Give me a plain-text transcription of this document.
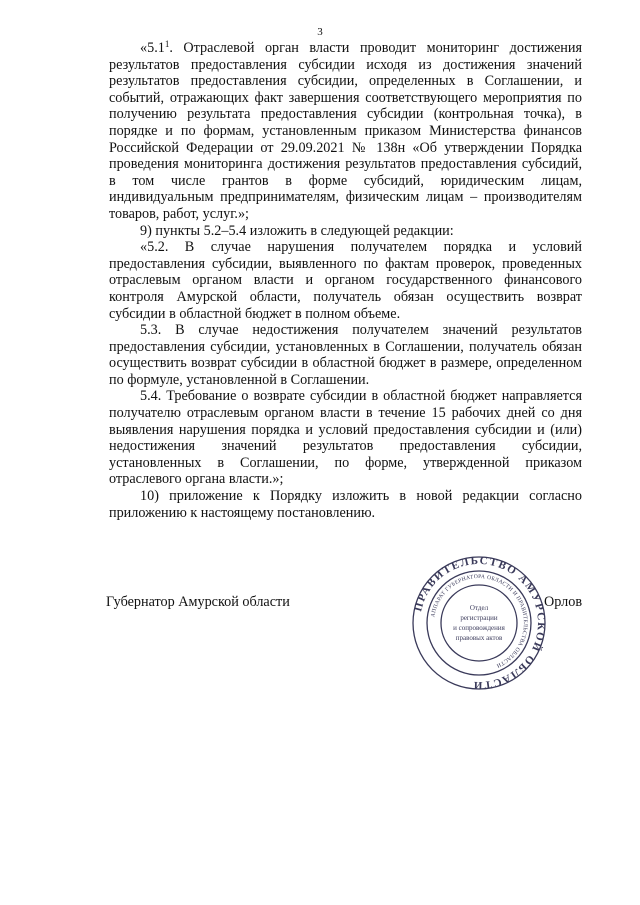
3

«$5.1^1$. Отраслевой орган власти проводит мониторинг достижения результатов предоставления субсидии исходя из достижения значений результатов предоставления субсидии, определенных в Соглашении, и событий, отражающих факт завершения соответствующего мероприятия по получению результата предоставления субсидии (контрольная точка), в порядке и по формам, установленным приказом Министерства финансов Российской Федерации от 29.09.2021 № 138н «Об утверждении Порядка проведения мониторинга достижения результатов предоставления субсидий, в том числе грантов в форме субсидий, юридическим лицам, индивидуальным предпринимателям, физическим лицам – производителям товаров, работ, услуг.»;

9) пункты 5.2–5.4 изложить в следующей редакции:

«5.2. В случае нарушения получателем порядка и условий предоставления субсидии, выявленного по фактам проверок, проведенных отраслевым органом власти и органом государственного финансового контроля Амурской области, получатель обязан осуществить возврат субсидии в областной бюджет в полном объеме.

5.3. В случае недостижения получателем значений результатов предоставления субсидии, установленных в Соглашении, получатель обязан осуществить возврат субсидии в областной бюджет в размере, определенном по формуле, установленной в Соглашении.

5.4. Требование о возврате субсидии в областной бюджет направляется получателю отраслевым органом власти в течение 15 рабочих дней со дня выявления нарушения порядка и условий предоставления субсидии и (или) недостижения значений результатов предоставления субсидии, установленных в Соглашении, по форме, утвержденной приказом отраслевого органа власти.»;

10) приложение к Порядку изложить в новой редакции согласно приложению к настоящему постановлению.

Губернатор Амурской области	Орлов
ПРАВИТЕЛЬСТВО АМУРСКОЙ ОБЛАСТИ
АППАРАТ ГУБЕРНАТОРА ОБЛАСТИ И ПРАВИТЕЛЬСТВА ОБЛАСТИ
Отдел
регистрации
и сопровождения
правовых актов
